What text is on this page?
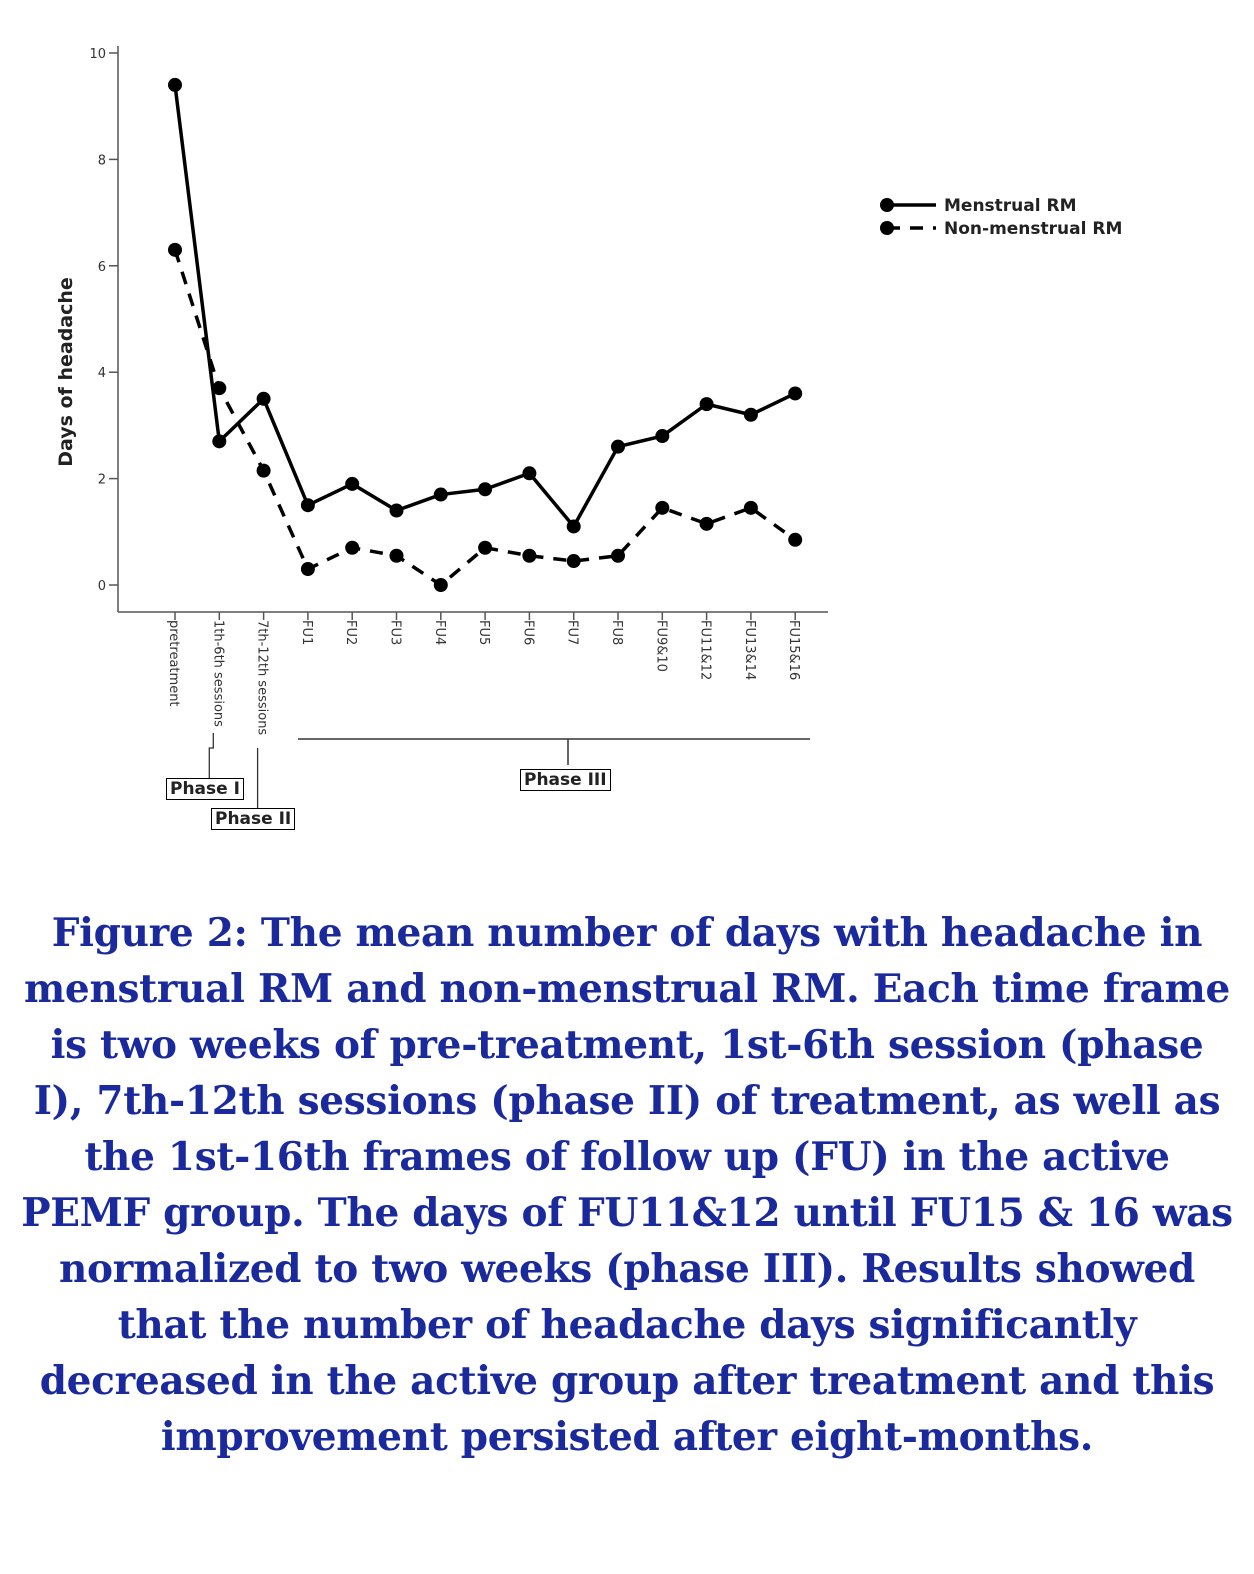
0
2
4
6
8
10
pretreatment 1th-6th sessions 7th-12th sessions FU1 FU2 FU3 FU4 FU5 FU6 FU7 FU8 FU9&10 FU11&12 FU13&14 FU15&16
Menstrual RM
Non-menstrual RM
Days of headache
Phase I
Phase II
Phase III
Figure 2: The mean number of days with headache in menstrual RM and non-menstrual RM. Each time frame is two weeks of pre-treatment, 1st-6th session (phase I), 7th-12th sessions (phase II) of treatment, as well as the 1st-16th frames of follow up (FU) in the active PEMF group. The days of FU11&12 until FU15 & 16 was normalized to two weeks (phase III). Results showed that the number of headache days significantly decreased in the active group after treatment and this improvement persisted after eight-months.
